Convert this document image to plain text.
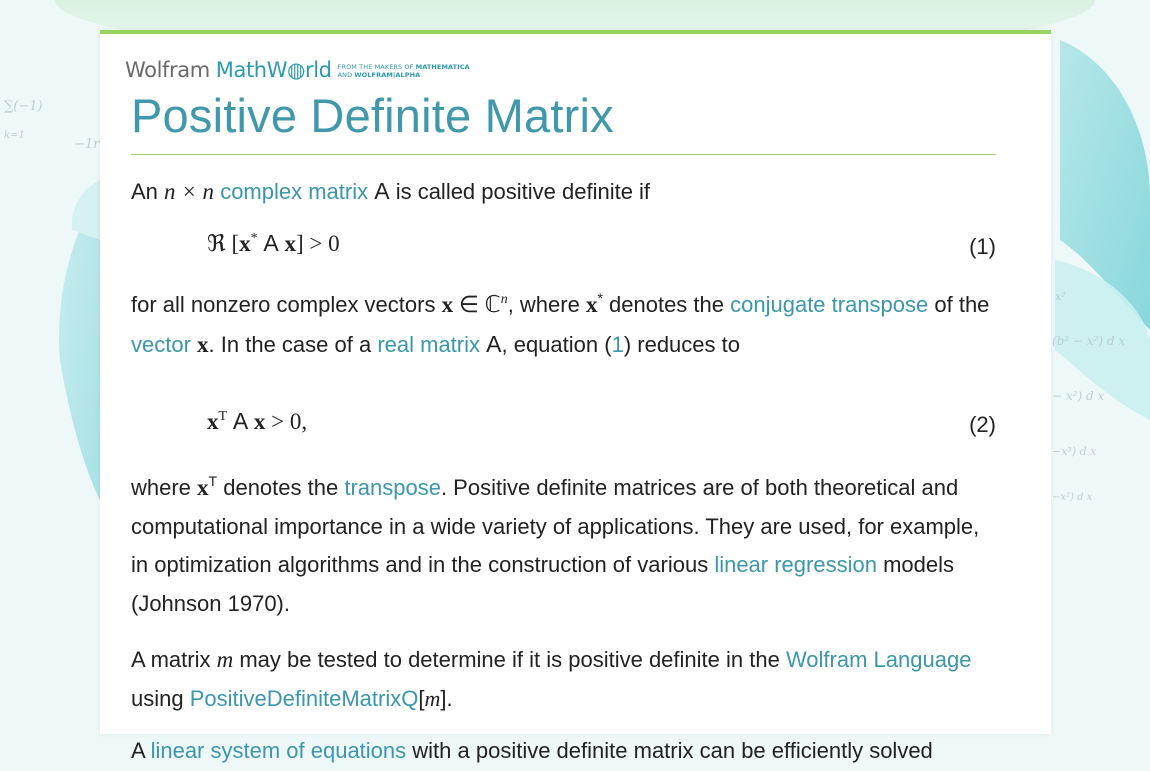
∑(−1)
k=1
−1r
x²
(b² − x²) d x
− x²) d x
−x²) d x
−x²) d x
Wolfram MathW◍rld FROM THE MAKERS OF MATHEMATICA
AND WOLFRAM|ALPHA
Positive Definite Matrix

An n × n complex matrix A is called positive definite if

ℜ [x* A x] > 0	(1)

for all nonzero complex vectors x ∈ ℂ$^n$, where x* denotes the conjugate transpose of the vector x. In the case of a real matrix A, equation (1) reduces to

$x^T$ A x > 0,	(2)

where $x^T$ denotes the transpose. Positive definite matrices are of both theoretical and computational importance in a wide variety of applications. They are used, for example, in optimization algorithms and in the construction of various linear regression models (Johnson 1970).

A matrix m may be tested to determine if it is positive definite in the Wolfram Language using PositiveDefiniteMatrixQ[m].

A linear system of equations with a positive definite matrix can be efficiently solved
